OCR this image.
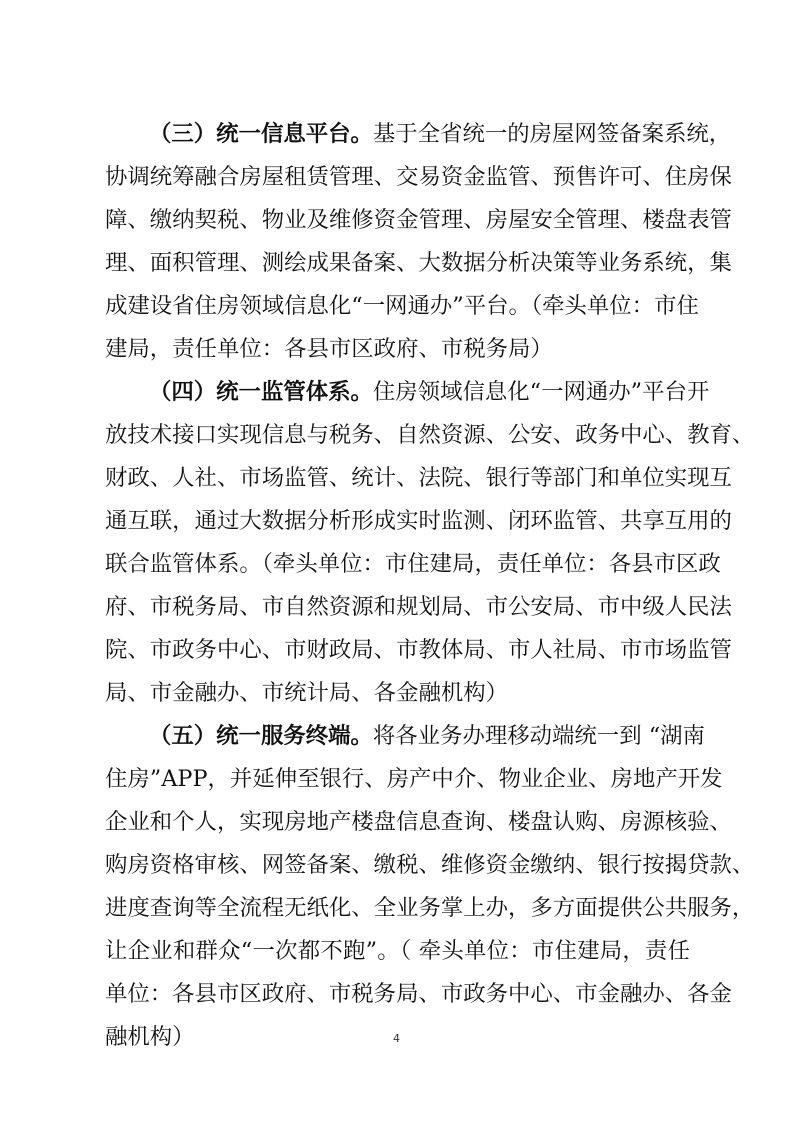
（三）统一信息平台。基于全省统一的房屋网签备案系统，
协调统筹融合房屋租赁管理、交易资金监管、预售许可、住房保
障、缴纳契税、物业及维修资金管理、房屋安全管理、楼盘表管
理、面积管理、测绘成果备案、大数据分析决策等业务系统，集
成建设省住房领域信息化“一网通办”平台。（牵头单位：市住
建局，责任单位：各县市区政府、市税务局）

（四）统一监管体系。住房领域信息化“一网通办”平台开
放技术接口实现信息与税务、自然资源、公安、政务中心、教育、
财政、人社、市场监管、统计、法院、银行等部门和单位实现互
通互联，通过大数据分析形成实时监测、闭环监管、共享互用的
联合监管体系。（牵头单位：市住建局，责任单位：各县市区政
府、市税务局、市自然资源和规划局、市公安局、市中级人民法
院、市政务中心、市财政局、市教体局、市人社局、市市场监管
局、市金融办、市统计局、各金融机构）

（五）统一服务终端。将各业务办理移动端统一到 “湖南
住房”APP，并延伸至银行、房产中介、物业企业、房地产开发
企业和个人，实现房地产楼盘信息查询、楼盘认购、房源核验、
购房资格审核、网签备案、缴税、维修资金缴纳、银行按揭贷款、
进度查询等全流程无纸化、全业务掌上办，多方面提供公共服务，
让企业和群众“一次都不跑”。（ 牵头单位：市住建局，责任
单位：各县市区政府、市税务局、市政务中心、市金融办、各金
融机构）	4
